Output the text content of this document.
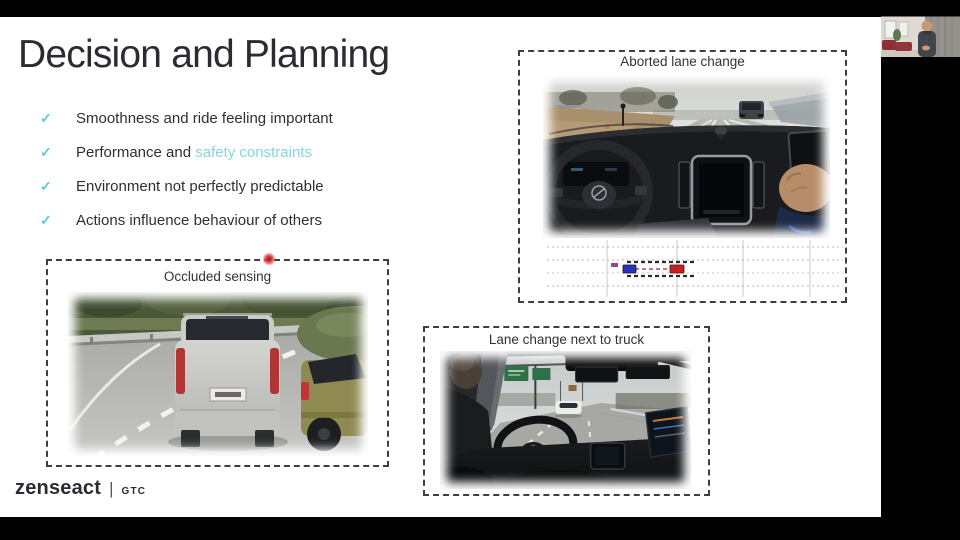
Decision and Planning
✓	Smoothness and ride feeling important
✓	Performance and safety constraints
✓	Environment not perfectly predictable
✓	Actions influence behaviour of others
Aborted lane change
Occluded sensing
Lane change next to truck
zenseact | GTC
